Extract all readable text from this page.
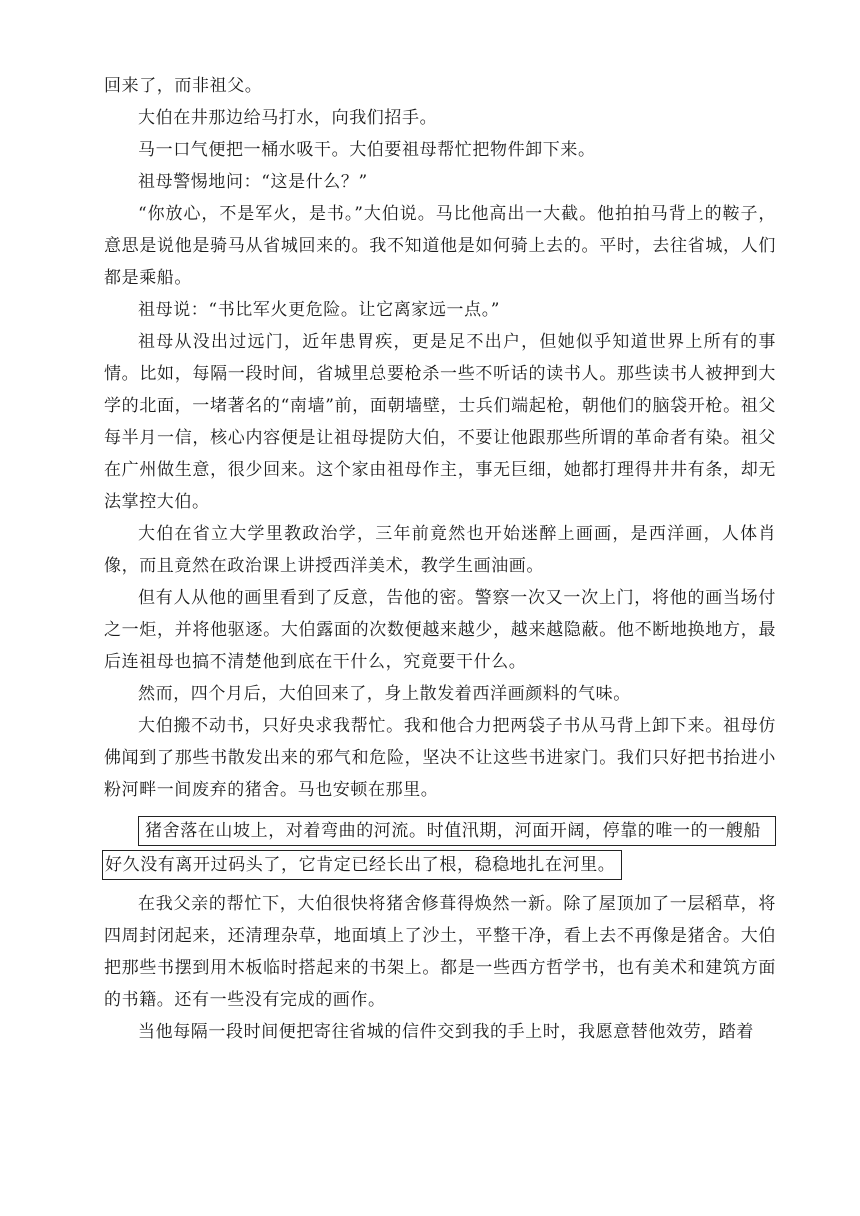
回来了，而非祖父。

大伯在井那边给马打水，向我们招手。

马一口气便把一桶水吸干。大伯要祖母帮忙把物件卸下来。

祖母警惕地问：“这是什么？”

“你放心，不是军火，是书。”大伯说。马比他高出一大截。他拍拍马背上的鞍子，意思是说他是骑马从省城回来的。我不知道他是如何骑上去的。平时，去往省城，人们都是乘船。

祖母说：“书比军火更危险。让它离家远一点。”

祖母从没出过远门，近年患胃疾，更是足不出户，但她似乎知道世界上所有的事情。比如，每隔一段时间，省城里总要枪杀一些不听话的读书人。那些读书人被押到大学的北面，一堵著名的“南墙”前，面朝墙壁，士兵们端起枪，朝他们的脑袋开枪。祖父每半月一信，核心内容便是让祖母提防大伯，不要让他跟那些所谓的革命者有染。祖父在广州做生意，很少回来。这个家由祖母作主，事无巨细，她都打理得井井有条，却无法掌控大伯。

大伯在省立大学里教政治学，三年前竟然也开始迷醉上画画，是西洋画，人体肖像，而且竟然在政治课上讲授西洋美术，教学生画油画。

但有人从他的画里看到了反意，告他的密。警察一次又一次上门，将他的画当场付之一炬，并将他驱逐。大伯露面的次数便越来越少，越来越隐蔽。他不断地换地方，最后连祖母也搞不清楚他到底在干什么，究竟要干什么。

然而，四个月后，大伯回来了，身上散发着西洋画颜料的气味。

大伯搬不动书，只好央求我帮忙。我和他合力把两袋子书从马背上卸下来。祖母仿佛闻到了那些书散发出来的邪气和危险，坚决不让这些书进家门。我们只好把书抬进小粉河畔一间废弃的猪舍。马也安顿在那里。

猪舍落在山坡上，对着弯曲的河流。时值汛期，河面开阔，停靠的唯一的一艘船
好久没有离开过码头了，它肯定已经长出了根，稳稳地扎在河里。

在我父亲的帮忙下，大伯很快将猪舍修葺得焕然一新。除了屋顶加了一层稻草，将四周封闭起来，还清理杂草，地面填上了沙土，平整干净，看上去不再像是猪舍。大伯把那些书摆到用木板临时搭起来的书架上。都是一些西方哲学书，也有美术和建筑方面的书籍。还有一些没有完成的画作。

当他每隔一段时间便把寄往省城的信件交到我的手上时，我愿意替他效劳，踏着
